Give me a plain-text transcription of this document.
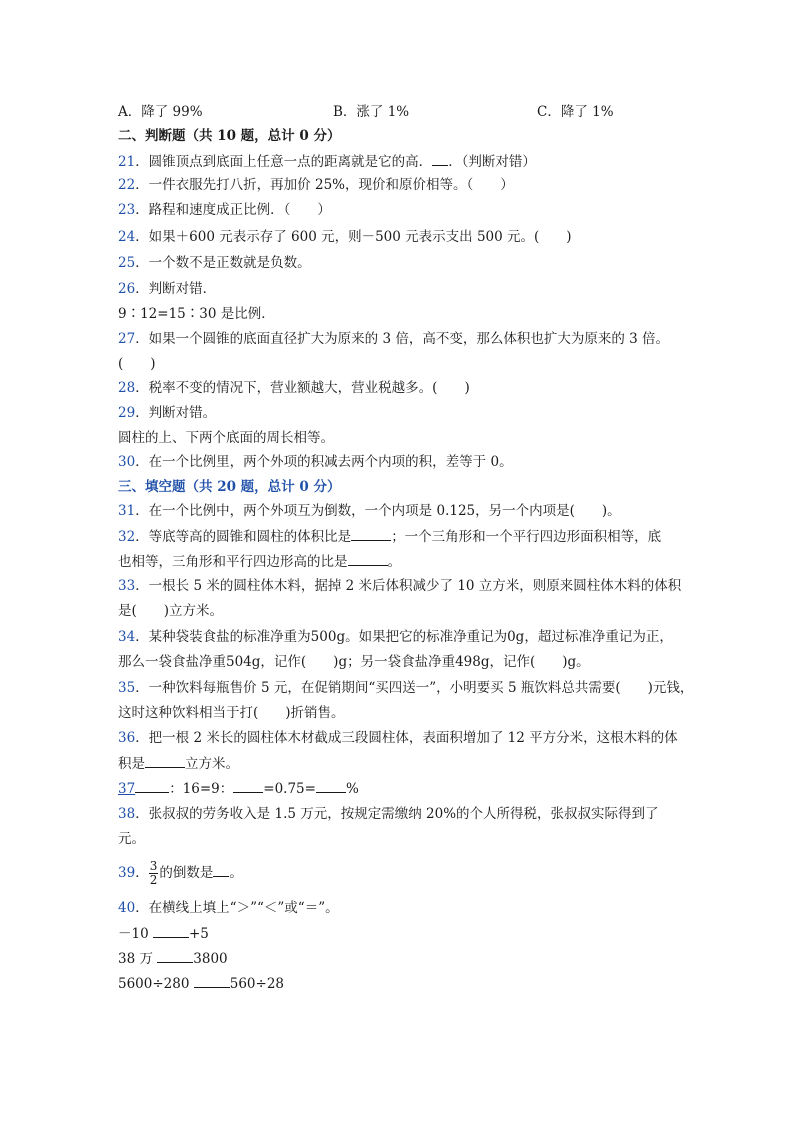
A．降了 99%	B．涨了 1%	C．降了 1%
二、判断题（共 10 题，总计 0 分）
21．圆锥顶点到底面上任意一点的距离就是它的高． ．（判断对错）
22．一件衣服先打八折，再加价 25%，现价和原价相等。（　　）
23．路程和速度成正比例．（　　）
24．如果＋600 元表示存了 600 元，则－500 元表示支出 500 元。(　　)
25．一个数不是正数就是负数。
26．判断对错．
9∶12=15∶30 是比例．
27．如果一个圆锥的底面直径扩大为原来的 3 倍，高不变，那么体积也扩大为原来的 3 倍。
(　　)
28．税率不变的情况下，营业额越大，营业税越多。(　　)
29．判断对错。
圆柱的上、下两个底面的周长相等。
30．在一个比例里，两个外项的积减去两个内项的积，差等于 0。
三、填空题（共 20 题，总计 0 分）
31．在一个比例中，两个外项互为倒数，一个内项是 0.125，另一个内项是(　　)。
32．等底等高的圆锥和圆柱的体积比是	；一个三角形和一个平行四边形面积相等，底
也相等，三角形和平行四边形高的比是	。
33．一根长 5 米的圆柱体木料，据掉 2 米后体积减少了 10 立方米，则原来圆柱体木料的体积
是(　　)立方米。
34．某种袋装食盐的标准净重为500g。如果把它的标准净重记为0g，超过标准净重记为正，
那么一袋食盐净重504g，记作(　　)g；另一袋食盐净重498g，记作(　　)g。
35．一种饮料每瓶售价 5 元，在促销期间“买四送一”，小明要买 5 瓶饮料总共需要(　　)元钱，
这时这种饮料相当于打(　　)折销售。
36．把一根 2 米长的圆柱体木材截成三段圆柱体，表面积增加了 12 平方分米，这根木料的体
积是	立方米。
37	：16=9： =0.75= %
38．张叔叔的劳务收入是 1.5 万元，按规定需缴纳 20%的个人所得税，张叔叔实际得到了
元。
39． $\frac{3}{2}$ 的倒数是 。
40．在横线上填上“＞”“＜”或“＝”。
－10	+5
38 万	3800
5600÷280	560÷28
